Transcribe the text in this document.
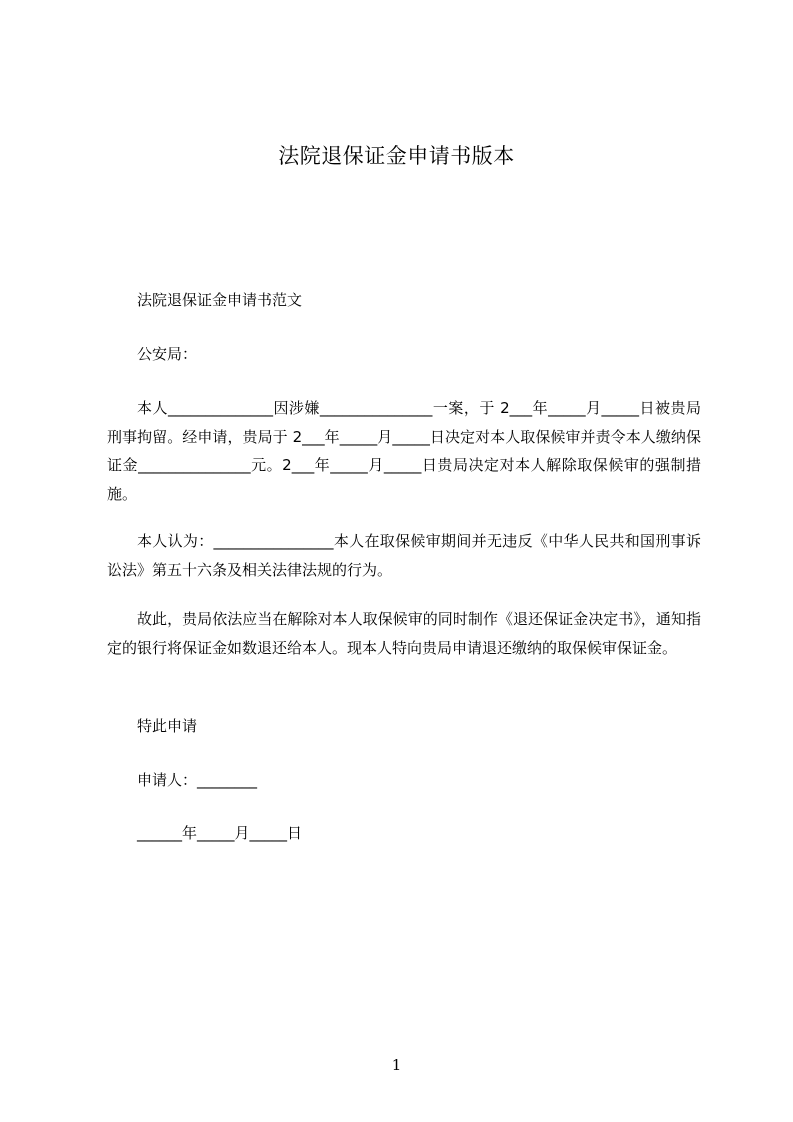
法院退保证金申请书版本
法院退保证金申请书范文
公安局：
本人______________因涉嫌_______________一案，于 2___年_____月_____日被贵局刑事拘留。经申请，贵局于 2___年_____月_____日决定对本人取保候审并责令本人缴纳保证金_______________元。2___年_____月_____日贵局决定对本人解除取保候审的强制措施。
本人认为：________________本人在取保候审期间并无违反《中华人民共和国刑事诉讼法》第五十六条及相关法律法规的行为。
故此，贵局依法应当在解除对本人取保候审的同时制作《退还保证金决定书》，通知指定的银行将保证金如数退还给本人。现本人特向贵局申请退还缴纳的取保候审保证金。
特此申请
申请人：________
______年_____月_____日
1
